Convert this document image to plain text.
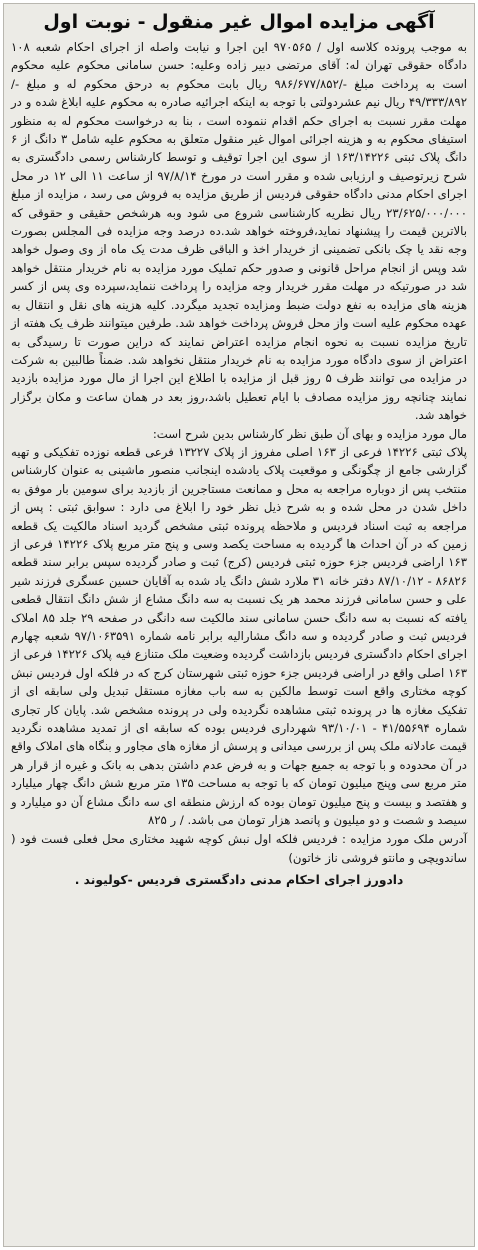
آگهی مزایده اموال غیر منقول - نوبت اول

به موجب پرونده کلاسه اول / ۹۷۰۵۶۵ این اجرا و نیابت واصله از اجرای احکام شعبه ۱۰۸ دادگاه حقوقی تهران له: آقای مرتضی دبیر زاده وعلیه: حسن سامانی محکوم علیه محکوم است به پرداخت مبلغ -/۹۸۶/۶۷۷/۸۵۲ ریال بابت محکوم به درحق محکوم له و مبلغ -/۴۹/۳۳۳/۸۹۲ ریال نیم عشردولتی با توجه به اینکه اجرائیه صادره به محکوم علیه ابلاغ شده و در مهلت مقرر نسبت به اجرای حکم اقدام ننموده است ، بنا به درخواست محکوم له به منظور استیفای محکوم به و هزینه اجرائی اموال غیر منقول متعلق به محکوم علیه شامل ۳ دانگ از ۶ دانگ پلاک ثبتی ۱۶۳/۱۴۲۲۶ از سوی این اجرا توقیف و توسط کارشناس رسمی دادگستری به شرح زیرتوصیف و ارزیابی شده و مقرر است در مورخ ۹۷/۸/۱۴ از ساعت ۱۱ الی ۱۲ در محل اجرای احکام مدنی دادگاه حقوقی فردیس از طریق مزایده به فروش می رسد ، مزایده از مبلغ ۲۳/۶۲۵/۰۰۰/۰۰۰ ریال نظریه کارشناسی شروع می شود وبه هرشخص حقیقی و حقوقی که بالاترین قیمت را پیشنهاد نماید،فروخته خواهد شد.ده درصد وجه مزایده فی المجلس بصورت وجه نقد یا چک بانکی تضمینی از خریدار اخذ و الباقی ظرف مدت یک ماه از وی وصول خواهد شد وپس از انجام مراحل قانونی و صدور حکم تملیک مورد مزایده به نام خریدار منتقل خواهد شد در صورتیکه در مهلت مقرر خریدار وجه مزایده را پرداخت ننماید،سپرده وی پس از کسر هزینه های مزایده به نفع دولت ضبط ومزایده تجدید میگردد. کلیه هزینه های نقل و انتقال به عهده محکوم علیه است واز محل فروش پرداخت خواهد شد. طرفین میتوانند ظرف یک هفته از تاریخ مزایده نسبت به نحوه انجام مزایده اعتراض نمایند که دراین صورت تا رسیدگی به اعتراض از سوی دادگاه مورد مزایده به نام خریدار منتقل نخواهد شد. ضمناً طالبین به شرکت در مزایده می توانند ظرف ۵ روز قبل از مزایده با اطلاع این اجرا از مال مورد مزایده بازدید نمایند چنانچه روز مزایده مصادف با ایام تعطیل باشد،روز بعد در همان ساعت و مکان برگزار خواهد شد.

مال مورد مزایده و بهای آن طبق نظر کارشناس بدین شرح است:

پلاک ثبتی ۱۴۲۲۶ فرعی از ۱۶۳ اصلی مفروز از پلاک ۱۳۲۲۷ فرعی قطعه نوزده تفکیکی و تهیه گزارشی جامع از چگونگی و موقعیت پلاک یادشده اینجانب منصور ماشینی به عنوان کارشناس منتخب پس از دوباره مراجعه به محل و ممانعت مستاجرین از بازدید برای سومین بار موفق به داخل شدن در محل شده و به شرح ذیل نظر خود را ابلاغ می دارد : سوابق ثبتی : پس از مراجعه به ثبت اسناد فردیس و ملاحظه پرونده ثبتی مشخص گردید اسناد مالکیت یک قطعه زمین که در آن احداث ها گردیده به مساحت یکصد وسی و پنج متر مربع پلاک ۱۴۲۲۶ فرعی از ۱۶۳ اراضی فردیس جزء حوزه ثبتی فردیس (کرج) ثبت و صادر گردیده سپس برابر سند قطعه ۸۶۸۲۶ - ۸۷/۱۰/۱۲ دفتر خانه ۳۱ ملارد شش دانگ یاد شده به آقایان حسین عسگری فرزند شیر علی و حسن سامانی فرزند محمد هر یک نسبت به سه دانگ مشاع از شش دانگ انتقال قطعی یافته که نسبت به سه دانگ حسن سامانی سند مالکیت سه دانگی در صفحه ۲۹ جلد ۸۵ املاک فردیس ثبت و صادر گردیده و سه دانگ مشارالیه برابر نامه شماره ۹۷/۱۰۶۳۵۹۱ شعبه چهارم اجرای احکام دادگستری فردیس بازداشت گردیده وضعیت ملک متنازع فیه پلاک ۱۴۲۲۶ فرعی از ۱۶۳ اصلی واقع در اراضی فردیس جزء حوزه ثبتی شهرستان کرج که در فلکه اول فردیس نبش کوچه مختاری واقع است توسط مالکین به سه باب مغازه مستقل تبدیل ولی سابقه ای از تفکیک مغازه ها در پرونده ثبتی مشاهده نگردیده ولی در پرونده مشخص شد. پایان کار تجاری شماره ۴۱/۵۵۶۹۴ - ۹۳/۱۰/۰۱ شهرداری فردیس بوده که سابقه ای از تمدید مشاهده نگردید قیمت عادلانه ملک پس از بررسی میدانی و پرسش از مغازه های مجاور و بنگاه های املاک واقع در آن محدوده و با توجه به جمیع جهات و به فرض عدم داشتن بدهی به بانک و غیره از قرار هر متر مربع سی وپنج میلیون تومان که با توجه به مساحت ۱۳۵ متر مربع شش دانگ چهار میلیارد و هفتصد و بیست و پنج میلیون تومان بوده که ارزش منطقه ای سه دانگ مشاع آن دو میلیارد و سیصد و شصت و دو میلیون و پانصد هزار تومان می باشد. / ر ۸۲۵

آدرس ملک مورد مزایده : فردیس فلکه اول نبش کوچه شهید مختاری محل فعلی فست فود ( ساندویچی و مانتو فروشی ناز خاتون)

دادورز اجرای احکام مدنی دادگستری فردیس -کولیوند .
